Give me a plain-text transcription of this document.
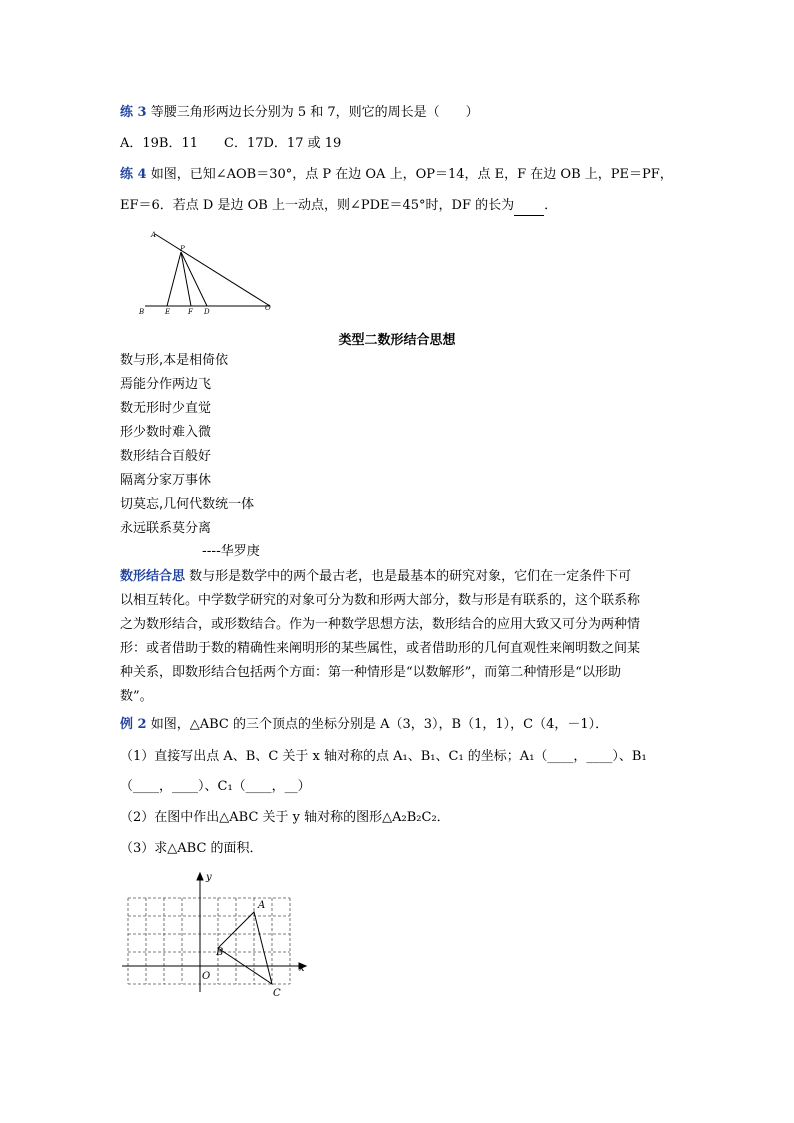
练 3 等腰三角形两边长分别为 5 和 7，则它的周长是（　　）
A．19B．11　　C．17D．17 或 19
练 4 如图，已知∠AOB＝30°，点 P 在边 OA 上，OP＝14，点 E，F 在边 OB 上，PE＝PF，
EF＝6．若点 D 是边 OB 上一动点，则∠PDE＝45°时，DF 的长为 ．
A
P
B	E	F D	O
类型二数形结合思想
数与形,本是相倚依
焉能分作两边飞
数无形时少直觉
形少数时难入微
数形结合百般好
隔离分家万事休
切莫忘,几何代数统一体
永远联系莫分离
----华罗庚
数形结合思 数与形是数学中的两个最古老，也是最基本的研究对象，它们在一定条件下可
以相互转化。中学数学研究的对象可分为数和形两大部分，数与形是有联系的，这个联系称
之为数形结合，或形数结合。作为一种数学思想方法，数形结合的应用大致又可分为两种情
形：或者借助于数的精确性来阐明形的某些属性，或者借助形的几何直观性来阐明数之间某
种关系，即数形结合包括两个方面：第一种情形是“以数解形”，而第二种情形是“以形助
数”。
例 2 如图，△ABC 的三个顶点的坐标分别是 A（3，3），B（1，1），C（4，－1）．
（1）直接写出点 A、B、C 关于 x 轴对称的点 A₁、B₁、C₁ 的坐标；A₁（____，____）、B₁
（____，____）、C₁（____，__）
（2）在图中作出△ABC 关于 y 轴对称的图形△A₂B₂C₂．
（3）求△ABC 的面积．
y
x
O
A
B
C
